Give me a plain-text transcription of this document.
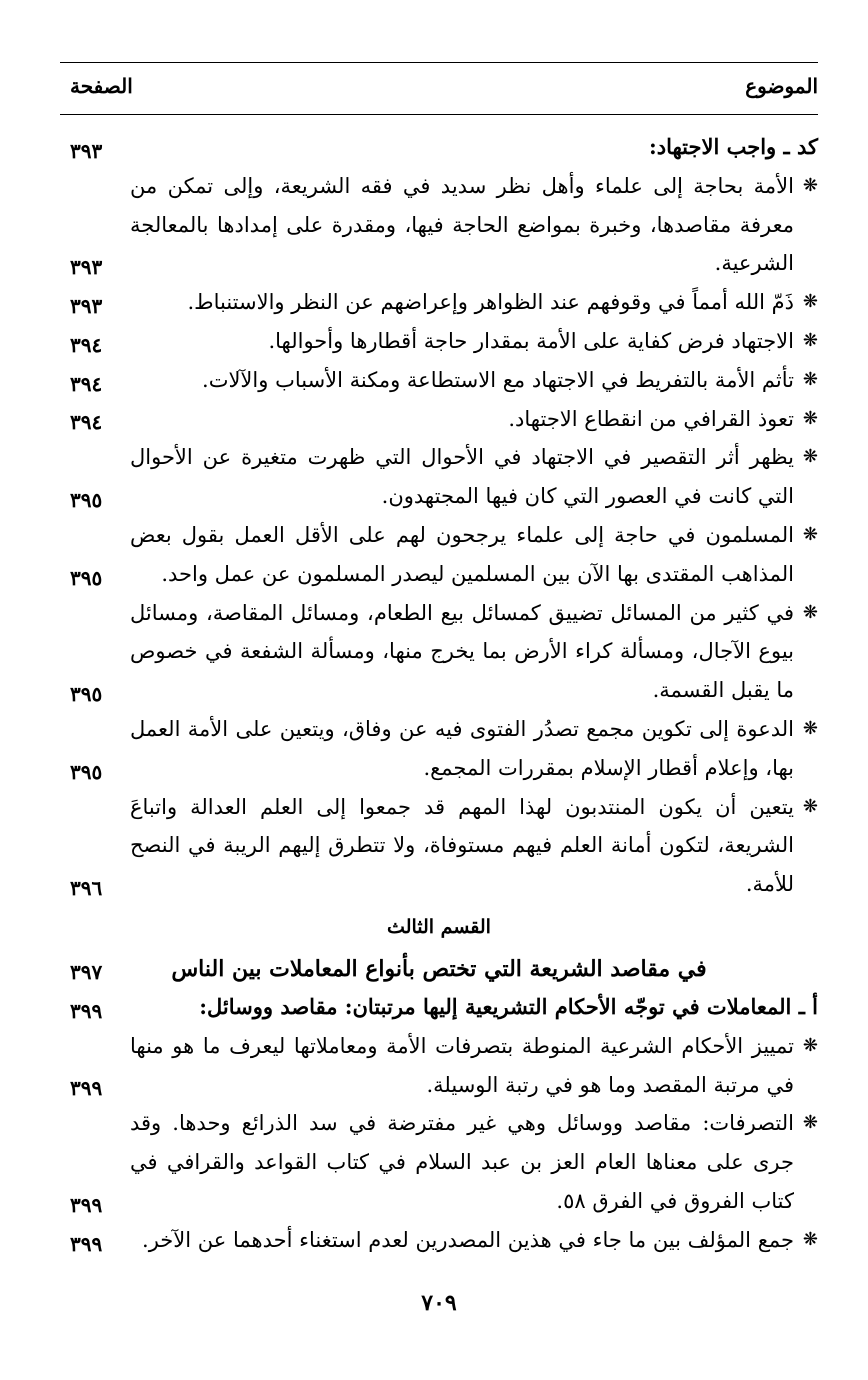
الموضوع
الصفحة
كد ـ واجب الاجتهاد:
٣٩٣
❋
الأمة بحاجة إلى علماء وأهل نظر سديد في فقه الشريعة، وإلى تمكن من معرفة مقاصدها، وخبرة بمواضع الحاجة فيها، ومقدرة على إمدادها بالمعالجة الشرعية.
٣٩٣
❋
ذَمّ الله أمماً في وقوفهم عند الظواهر وإعراضهم عن النظر والاستنباط.
٣٩٣
❋
الاجتهاد فرض كفاية على الأمة بمقدار حاجة أقطارها وأحوالها.
٣٩٤
❋
تأثم الأمة بالتفريط في الاجتهاد مع الاستطاعة ومكنة الأسباب والآلات.
٣٩٤
❋
تعوذ القرافي من انقطاع الاجتهاد.
٣٩٤
❋
يظهر أثر التقصير في الاجتهاد في الأحوال التي ظهرت متغيرة عن الأحوال التي كانت في العصور التي كان فيها المجتهدون.
٣٩٥
❋
المسلمون في حاجة إلى علماء يرجحون لهم على الأقل العمل بقول بعض المذاهب المقتدى بها الآن بين المسلمين ليصدر المسلمون عن عمل واحد.
٣٩٥
❋
في كثير من المسائل تضييق كمسائل بيع الطعام، ومسائل المقاصة، ومسائل بيوع الآجال، ومسألة كراء الأرض بما يخرج منها، ومسألة الشفعة في خصوص ما يقبل القسمة.
٣٩٥
❋
الدعوة إلى تكوين مجمع تصدُر الفتوى فيه عن وفاق، ويتعين على الأمة العمل بها، وإعلام أقطار الإسلام بمقررات المجمع.
٣٩٥
❋
يتعين أن يكون المنتدبون لهذا المهم قد جمعوا إلى العلم العدالة واتباعَ الشريعة، لتكون أمانة العلم فيهم مستوفاة، ولا تتطرق إليهم الريبة في النصح للأمة.
٣٩٦
القسم الثالث
في مقاصد الشريعة التي تختص بأنواع المعاملات بين الناس
٣٩٧
أ ـ المعاملات في توجّه الأحكام التشريعية إليها مرتبتان: مقاصد ووسائل:
٣٩٩
❋
تمييز الأحكام الشرعية المنوطة بتصرفات الأمة ومعاملاتها ليعرف ما هو منها في مرتبة المقصد وما هو في رتبة الوسيلة.
٣٩٩
❋
التصرفات: مقاصد ووسائل وهي غير مفترضة في سد الذرائع وحدها. وقد جرى على معناها العام العز بن عبد السلام في كتاب القواعد والقرافي في كتاب الفروق في الفرق ٥٨.
٣٩٩
❋
جمع المؤلف بين ما جاء في هذين المصدرين لعدم استغناء أحدهما عن الآخر.
٣٩٩
٧٠٩
